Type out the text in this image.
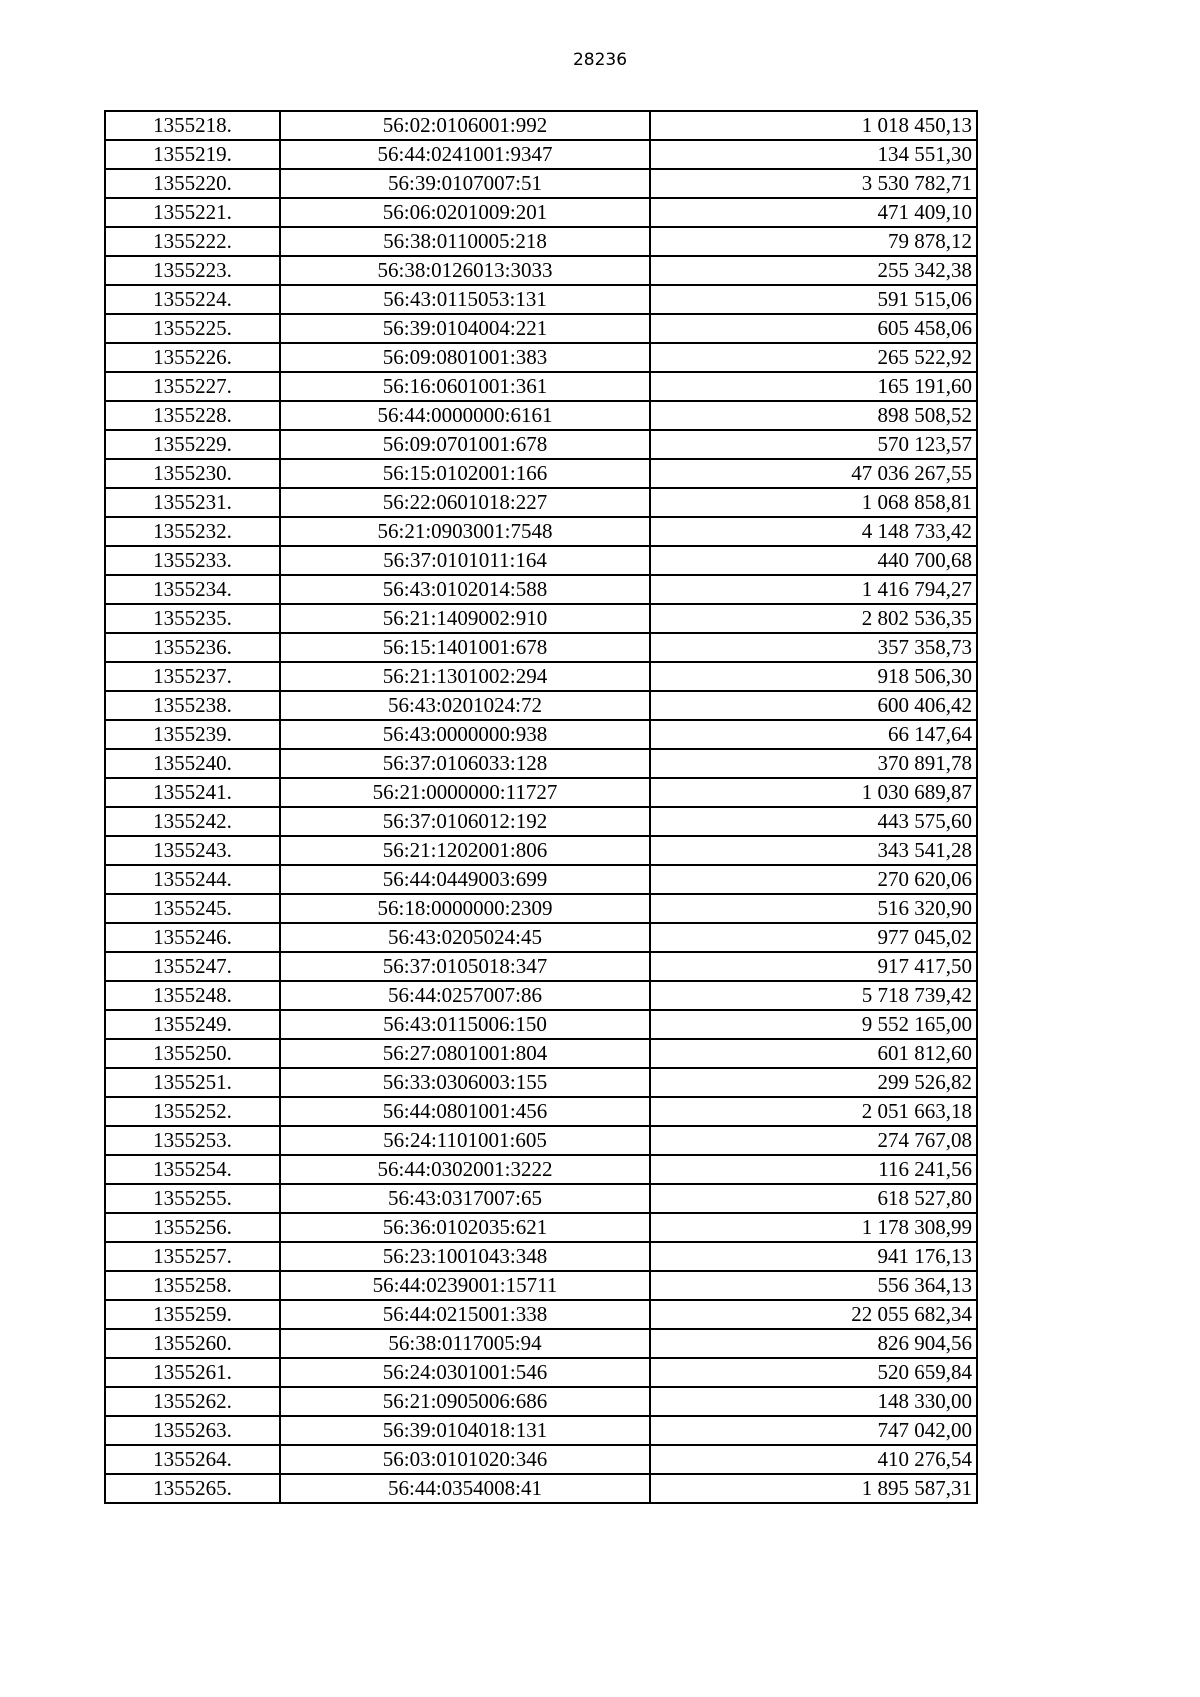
28236
1355218.	56:02:0106001:992	1 018 450,13
1355219.	56:44:0241001:9347	134 551,30
1355220.	56:39:0107007:51	3 530 782,71
1355221.	56:06:0201009:201	471 409,10
1355222.	56:38:0110005:218	79 878,12
1355223.	56:38:0126013:3033	255 342,38
1355224.	56:43:0115053:131	591 515,06
1355225.	56:39:0104004:221	605 458,06
1355226.	56:09:0801001:383	265 522,92
1355227.	56:16:0601001:361	165 191,60
1355228.	56:44:0000000:6161	898 508,52
1355229.	56:09:0701001:678	570 123,57
1355230.	56:15:0102001:166	47 036 267,55
1355231.	56:22:0601018:227	1 068 858,81
1355232.	56:21:0903001:7548	4 148 733,42
1355233.	56:37:0101011:164	440 700,68
1355234.	56:43:0102014:588	1 416 794,27
1355235.	56:21:1409002:910	2 802 536,35
1355236.	56:15:1401001:678	357 358,73
1355237.	56:21:1301002:294	918 506,30
1355238.	56:43:0201024:72	600 406,42
1355239.	56:43:0000000:938	66 147,64
1355240.	56:37:0106033:128	370 891,78
1355241.	56:21:0000000:11727	1 030 689,87
1355242.	56:37:0106012:192	443 575,60
1355243.	56:21:1202001:806	343 541,28
1355244.	56:44:0449003:699	270 620,06
1355245.	56:18:0000000:2309	516 320,90
1355246.	56:43:0205024:45	977 045,02
1355247.	56:37:0105018:347	917 417,50
1355248.	56:44:0257007:86	5 718 739,42
1355249.	56:43:0115006:150	9 552 165,00
1355250.	56:27:0801001:804	601 812,60
1355251.	56:33:0306003:155	299 526,82
1355252.	56:44:0801001:456	2 051 663,18
1355253.	56:24:1101001:605	274 767,08
1355254.	56:44:0302001:3222	116 241,56
1355255.	56:43:0317007:65	618 527,80
1355256.	56:36:0102035:621	1 178 308,99
1355257.	56:23:1001043:348	941 176,13
1355258.	56:44:0239001:15711	556 364,13
1355259.	56:44:0215001:338	22 055 682,34
1355260.	56:38:0117005:94	826 904,56
1355261.	56:24:0301001:546	520 659,84
1355262.	56:21:0905006:686	148 330,00
1355263.	56:39:0104018:131	747 042,00
1355264.	56:03:0101020:346	410 276,54
1355265.	56:44:0354008:41	1 895 587,31
